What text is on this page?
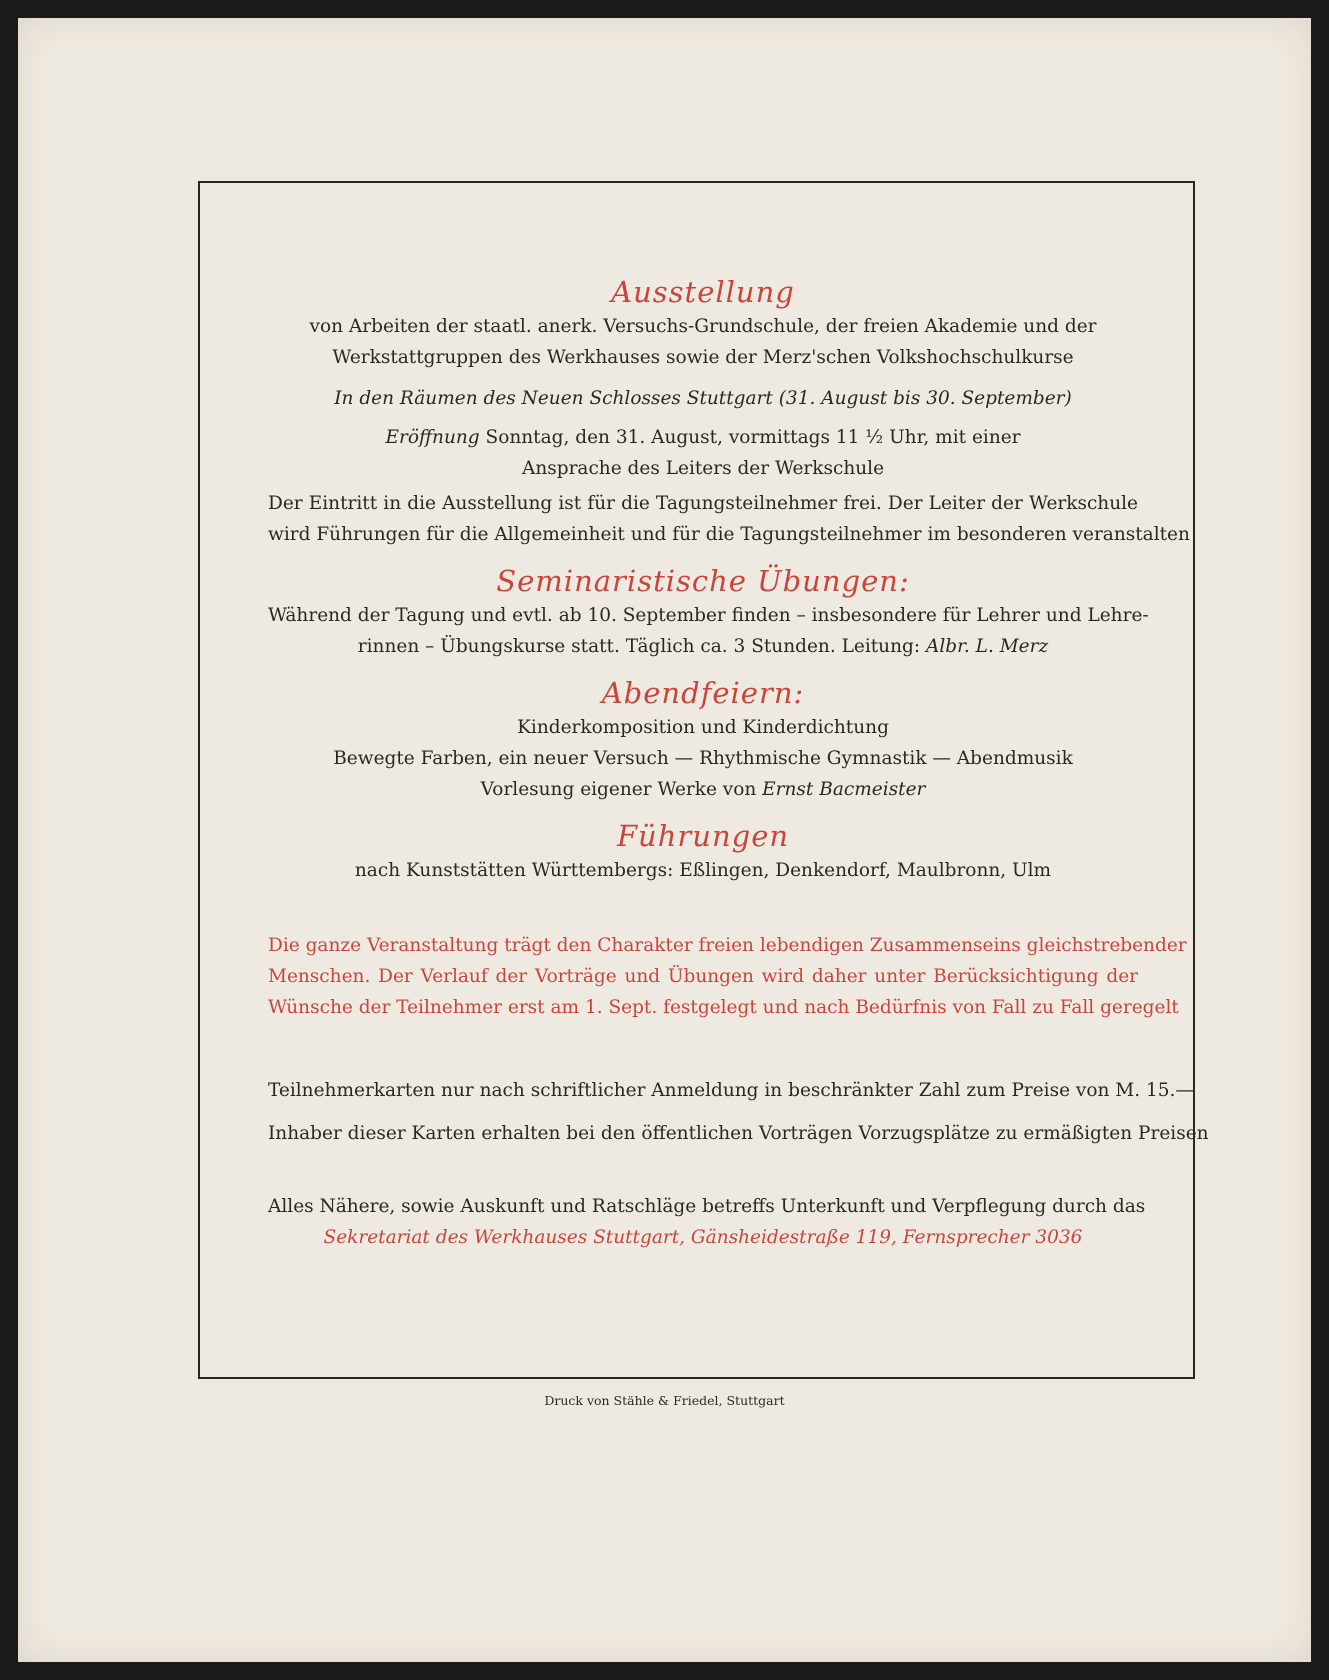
Ausstellung

von Arbeiten der staatl. anerk. Versuchs-Grundschule, der freien Akademie und der

Werkstattgruppen des Werkhauses sowie der Merz'schen Volkshochschulkurse

In den Räumen des Neuen Schlosses Stuttgart (31. August bis 30. September)

Eröffnung Sonntag, den 31. August, vormittags 11 ½ Uhr, mit einer

Ansprache des Leiters der Werkschule

Der Eintritt in die Ausstellung ist für die Tagungsteilnehmer frei. Der Leiter der Werkschule

wird Führungen für die Allgemeinheit und für die Tagungsteilnehmer im besonderen veranstalten

Seminaristische Übungen:

Während der Tagung und evtl. ab 10. September finden – insbesondere für Lehrer und Lehre-

rinnen – Übungskurse statt. Täglich ca. 3 Stunden. Leitung: Albr. L. Merz

Abendfeiern:

Kinderkomposition und Kinderdichtung

Bewegte Farben, ein neuer Versuch — Rhythmische Gymnastik — Abendmusik

Vorlesung eigener Werke von Ernst Bacmeister

Führungen

nach Kunststätten Württembergs: Eßlingen, Denkendorf, Maulbronn, Ulm

Die ganze Veranstaltung trägt den Charakter freien lebendigen Zusammenseins gleichstrebender

Menschen. Der Verlauf der Vorträge und Übungen wird daher unter Berücksichtigung der

Wünsche der Teilnehmer erst am 1. Sept. festgelegt und nach Bedürfnis von Fall zu Fall geregelt

Teilnehmerkarten nur nach schriftlicher Anmeldung in beschränkter Zahl zum Preise von M. 15.—

Inhaber dieser Karten erhalten bei den öffentlichen Vorträgen Vorzugsplätze zu ermäßigten Preisen

Alles Nähere, sowie Auskunft und Ratschläge betreffs Unterkunft und Verpflegung durch das

Sekretariat des Werkhauses Stuttgart, Gänsheidestraße 119, Fernsprecher 3036

Druck von Stähle & Friedel, Stuttgart
